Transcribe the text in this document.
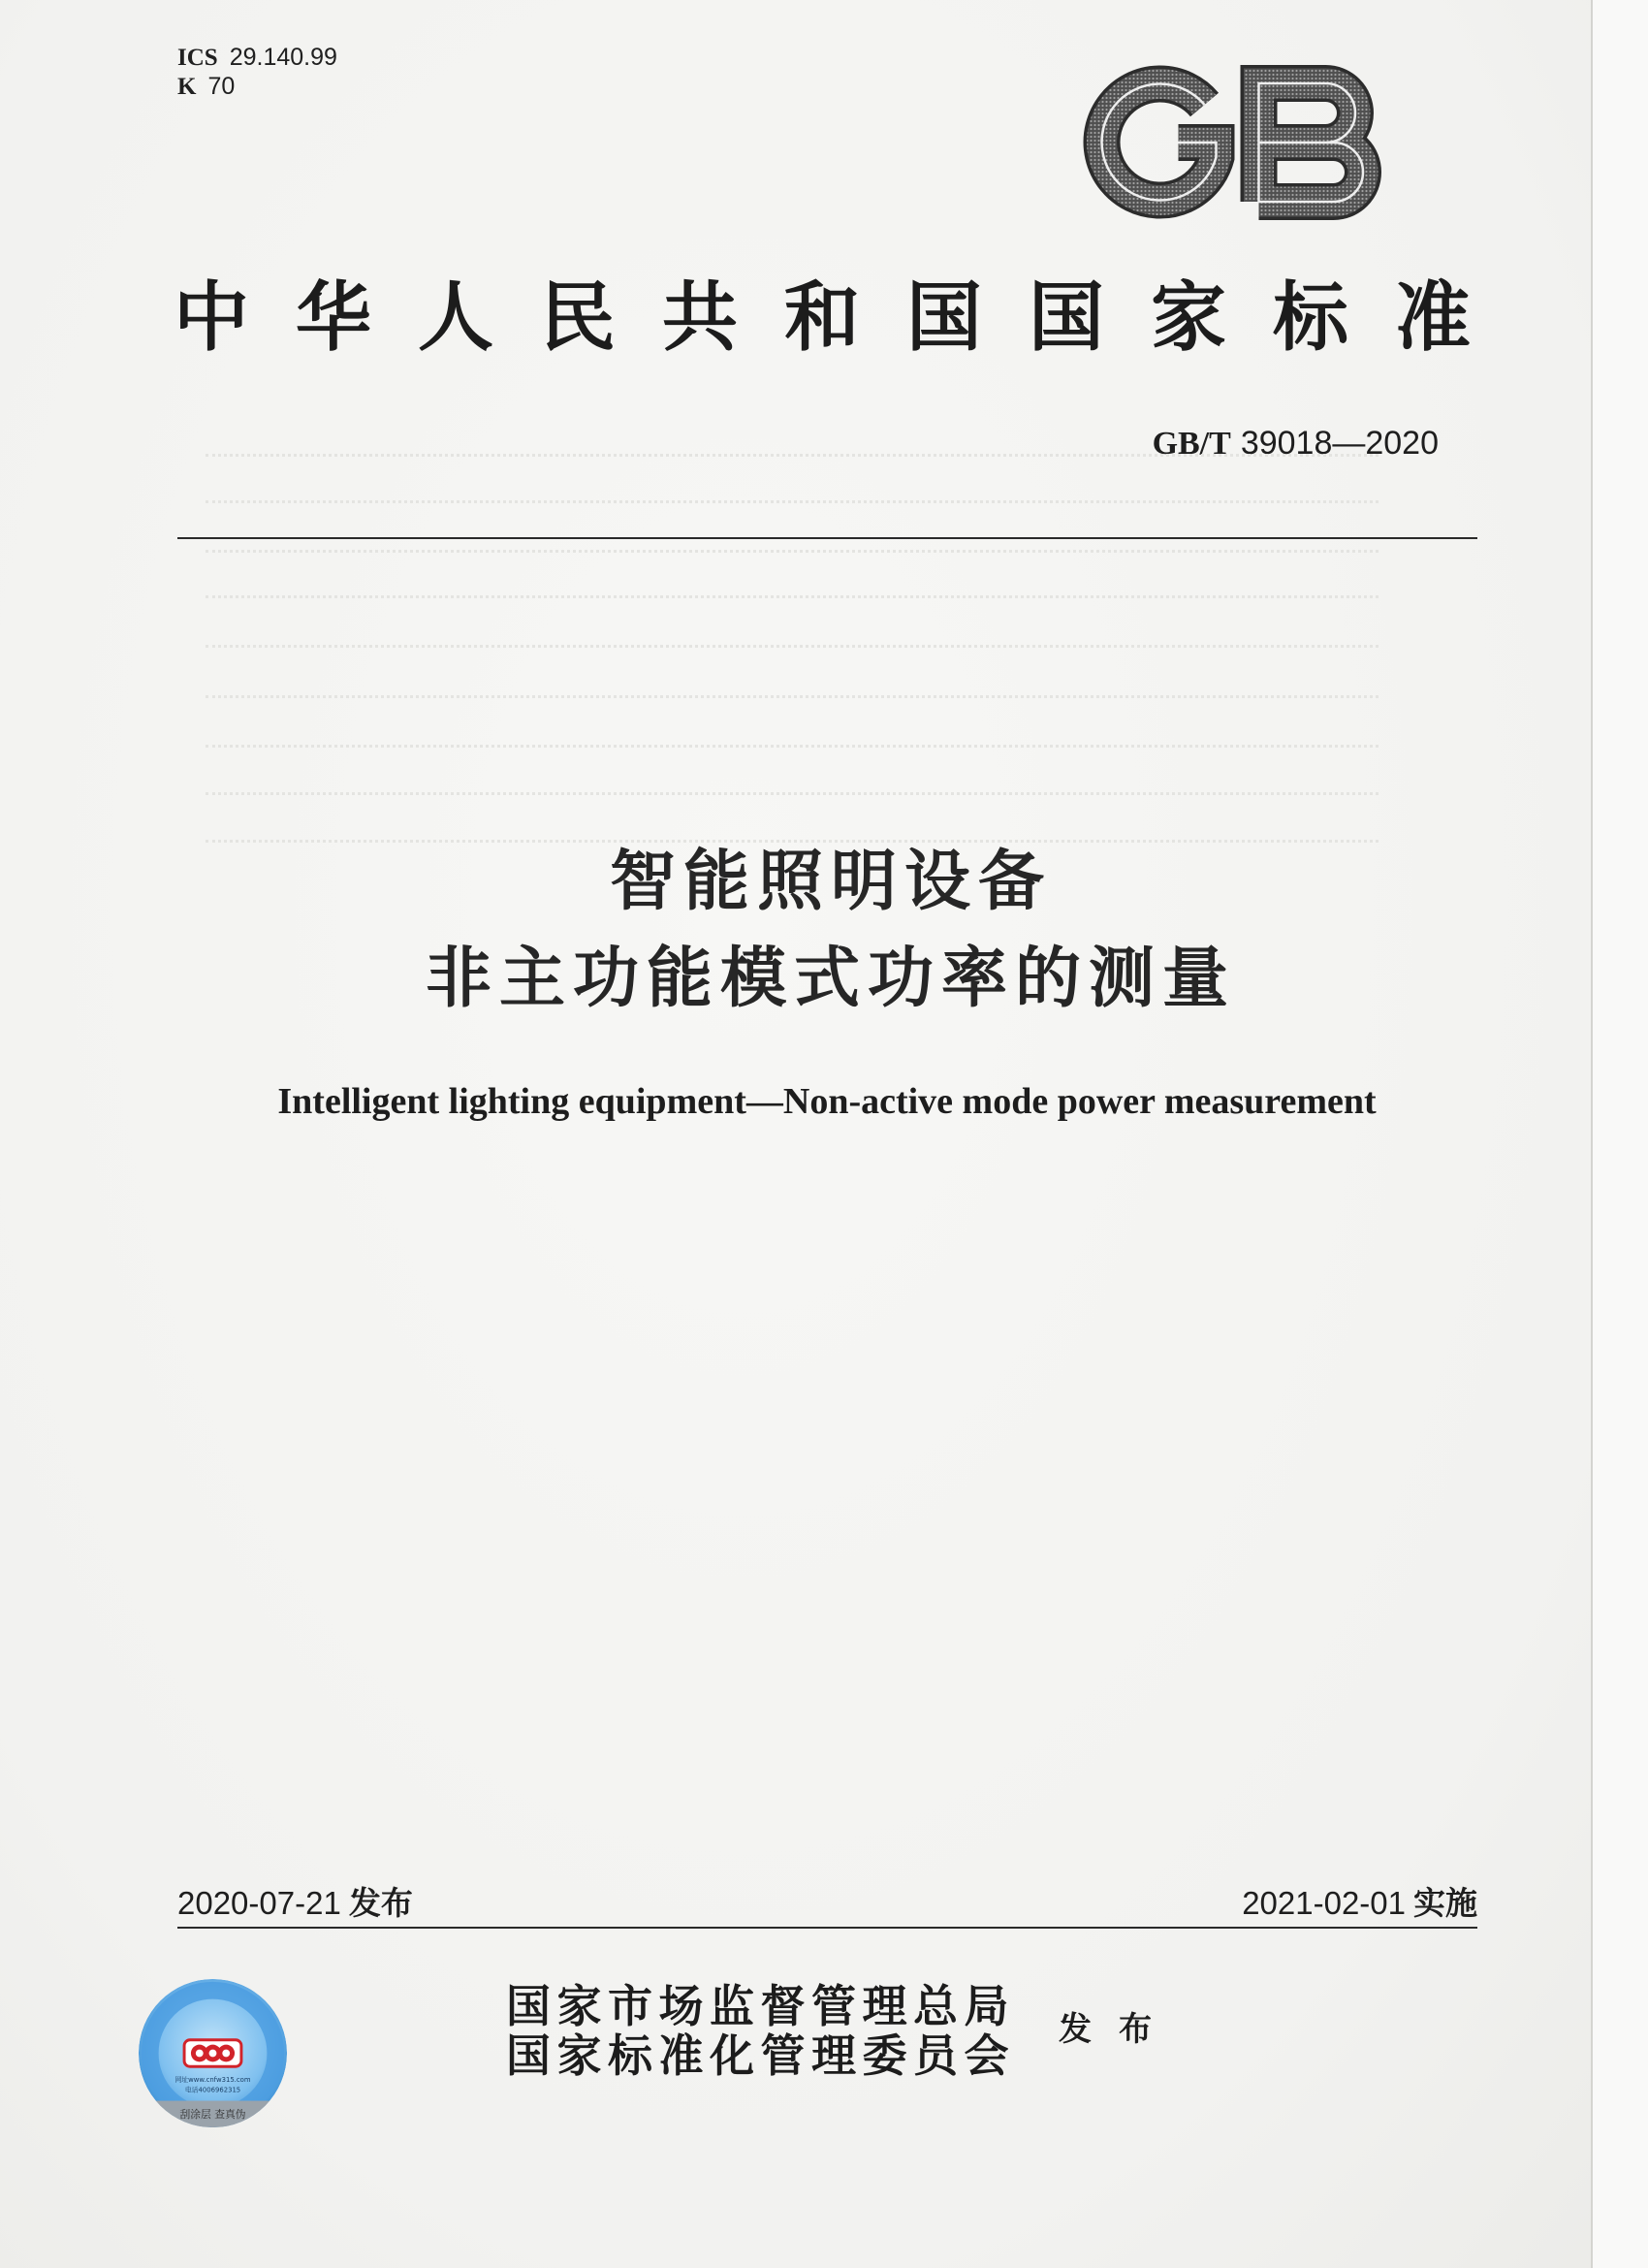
ICS 29.140.99
K 70
中华人民共和国国家标准
GB/T 39018—2020
智能照明设备
非主功能模式功率的测量
Intelligent lighting equipment—Non-active mode power measurement
2020-07-21 发布	2021-02-01 实施
网址www.cnfw315.com
电话4006962315
刮涂层 查真伪
国家市场监督管理总局
国家标准化管理委员会 发布
